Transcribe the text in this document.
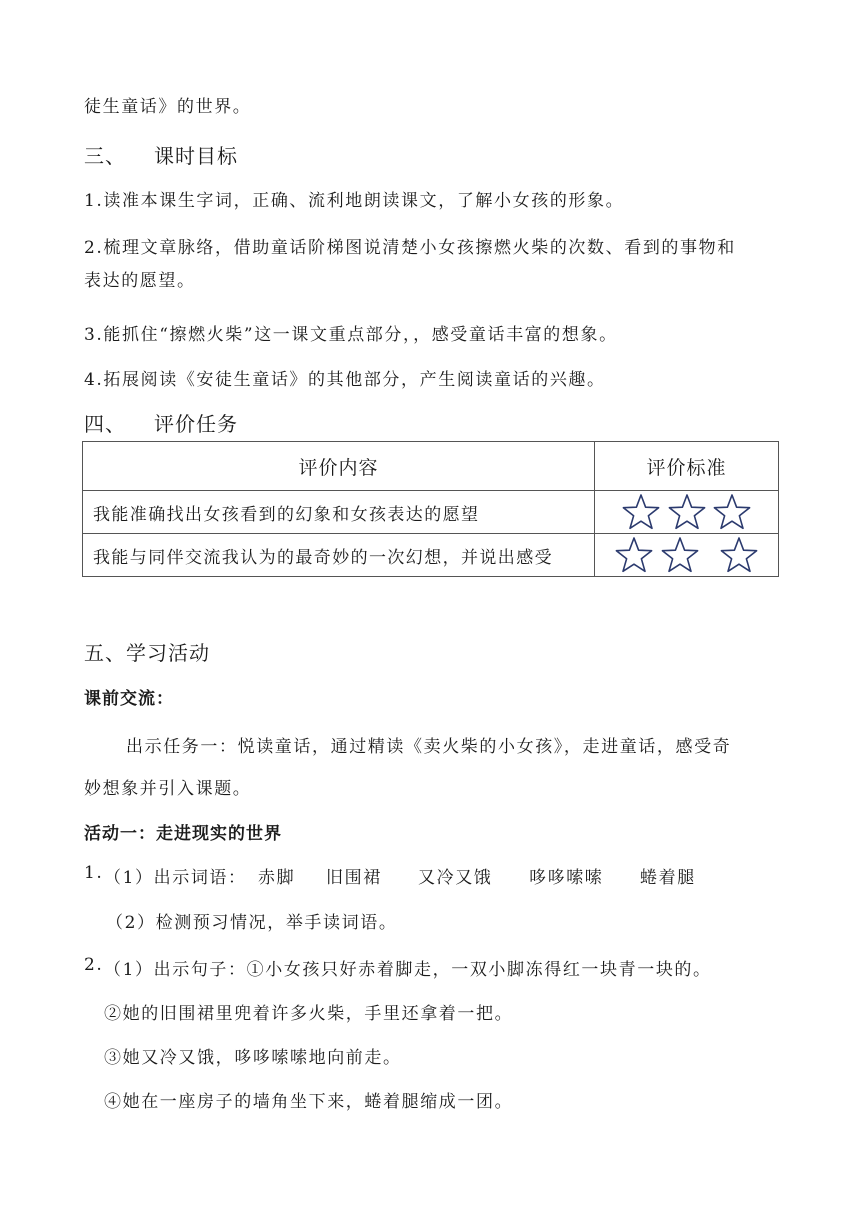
徒生童话》的世界。
三、 课时目标
1.读准本课生字词，正确、流利地朗读课文，了解小女孩的形象。
2.梳理文章脉络，借助童话阶梯图说清楚小女孩擦燃火柴的次数、看到的事物和
表达的愿望。
3.能抓住“擦燃火柴”这一课文重点部分，，感受童话丰富的想象。
4.拓展阅读《安徒生童话》的其他部分，产生阅读童话的兴趣。
四、 评价任务
评价内容	评价标准
我能准确找出女孩看到的幻象和女孩表达的愿望	

我能与同伴交流我认为的最奇妙的一次幻想，并说出感受	

五、学习活动
课前交流：
出示任务一：悦读童话，通过精读《卖火柴的小女孩》，走进童话，感受奇
妙想象并引入课题。
活动一：走进现实的世界
1. （1）出示词语： 赤脚 旧围裙 又冷又饿 哆哆嗦嗦 蜷着腿
（2）检测预习情况，举手读词语。
2. （1）出示句子：①小女孩只好赤着脚走，一双小脚冻得红一块青一块的。
②她的旧围裙里兜着许多火柴，手里还拿着一把。
③她又冷又饿，哆哆嗦嗦地向前走。
④她在一座房子的墙角坐下来，蜷着腿缩成一团。
